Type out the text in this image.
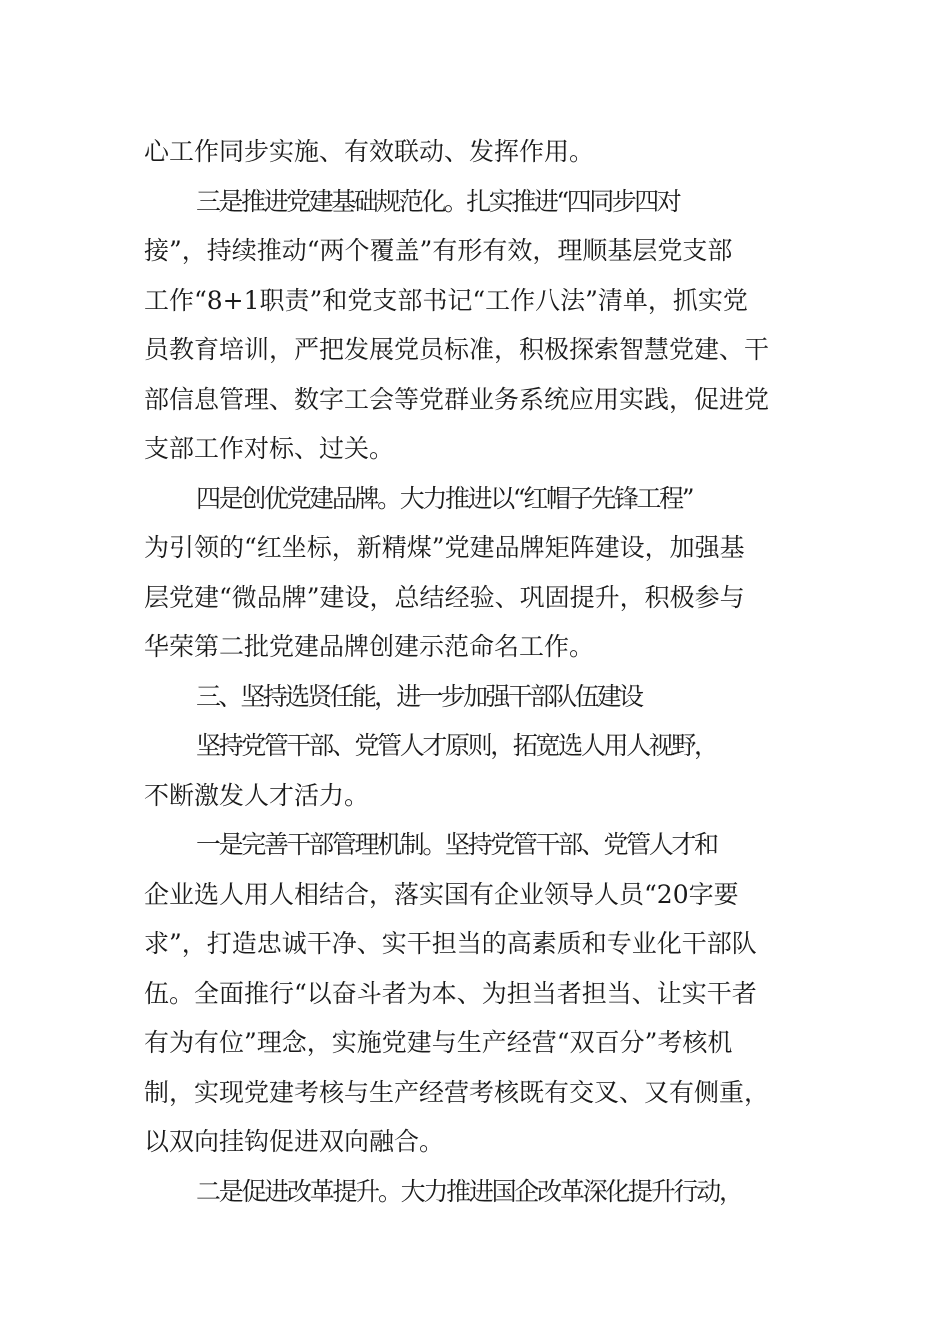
心工作同步实施、有效联动、发挥作用。
三是推进党建基础规范化。扎实推进“四同步四对
接”，持续推动“两个覆盖”有形有效，理顺基层党支部
工作“8+1职责”和党支部书记“工作八法”清单，抓实党
员教育培训，严把发展党员标准，积极探索智慧党建、干
部信息管理、数字工会等党群业务系统应用实践，促进党
支部工作对标、过关。
四是创优党建品牌。大力推进以“红帽子先锋工程”
为引领的“红坐标，新精煤”党建品牌矩阵建设，加强基
层党建“微品牌”建设，总结经验、巩固提升，积极参与
华荣第二批党建品牌创建示范命名工作。
三、坚持选贤任能，进一步加强干部队伍建设
坚持党管干部、党管人才原则，拓宽选人用人视野，
不断激发人才活力。
一是完善干部管理机制。坚持党管干部、党管人才和
企业选人用人相结合，落实国有企业领导人员“20字要
求”，打造忠诚干净、实干担当的高素质和专业化干部队
伍。全面推行“以奋斗者为本、为担当者担当、让实干者
有为有位”理念，实施党建与生产经营“双百分”考核机
制，实现党建考核与生产经营考核既有交叉、又有侧重，
以双向挂钩促进双向融合。
二是促进改革提升。大力推进国企改革深化提升行动，
